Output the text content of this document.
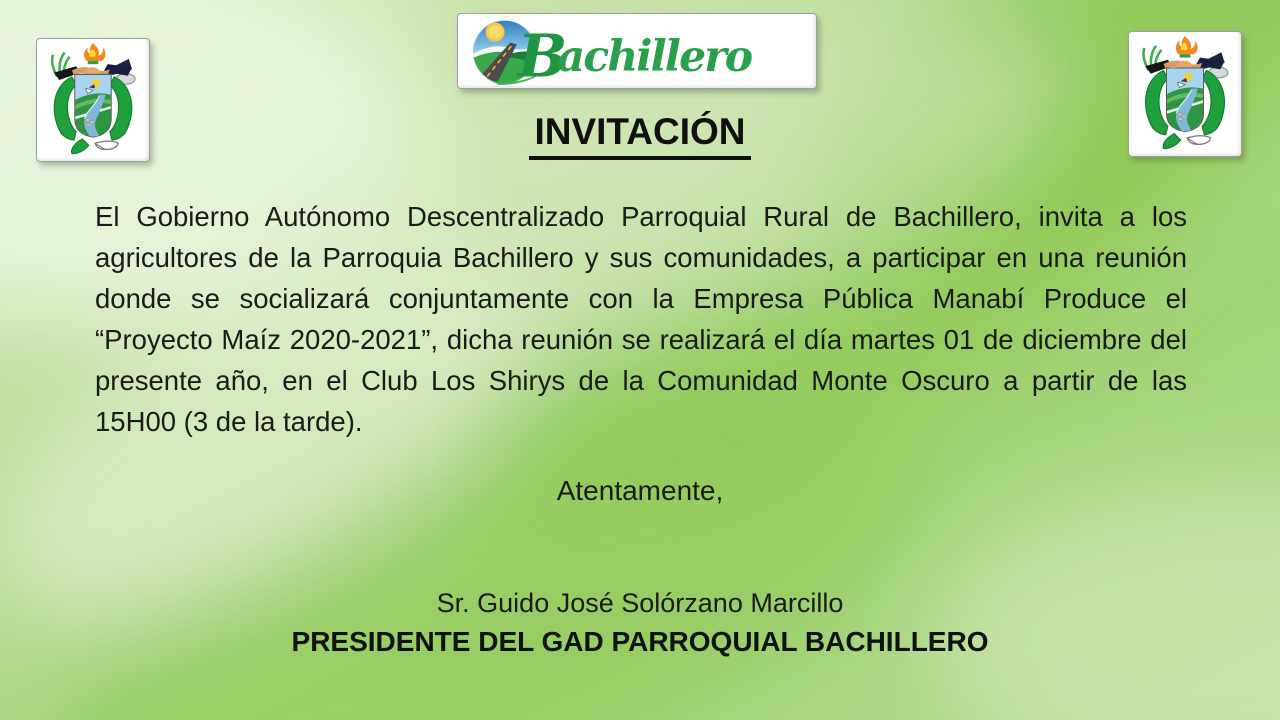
B
achillero
INVITACIÓN

El Gobierno Autónomo Descentralizado Parroquial Rural de Bachillero, invita a los agricultores de la Parroquia Bachillero y sus comunidades, a participar en una reunión donde se socializará conjuntamente con la Empresa Pública Manabí Produce el “Proyecto Maíz 2020-2021”, dicha reunión se realizará el día martes 01 de diciembre del presente año, en el Club Los Shirys de la Comunidad Monte Oscuro a partir de las 15H00 (3 de la tarde).

Atentamente,

Sr. Guido José Solórzano Marcillo

PRESIDENTE DEL GAD PARROQUIAL BACHILLERO
